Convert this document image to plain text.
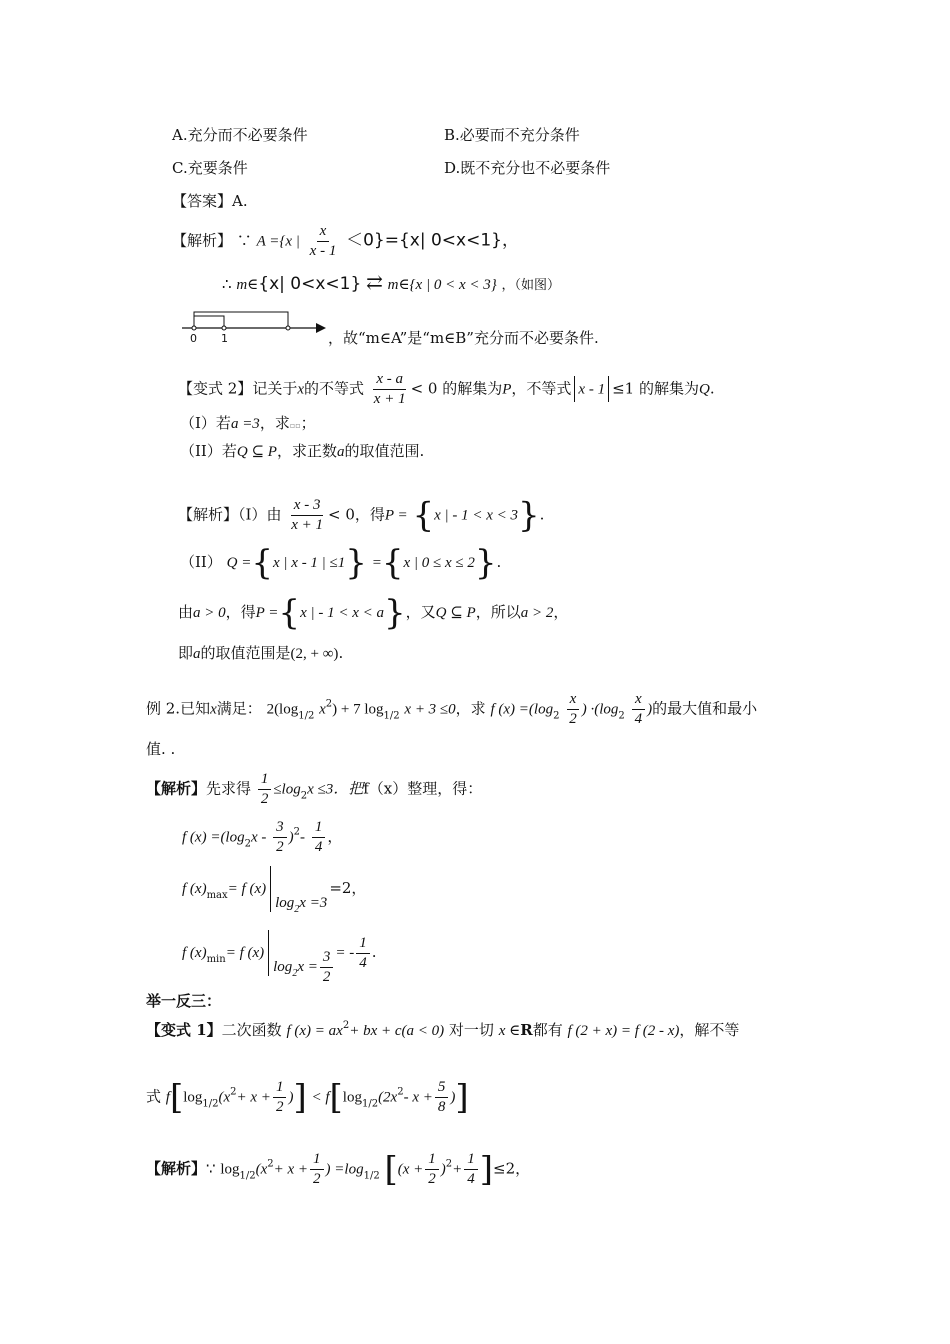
A.充分而不必要条件	B.必要而不充分条件
C.充要条件	D.既不充分也不必要条件
【答案】A.
【解析】 ∵ A ={x | $\frac{x}{x - 1} <0\}=\{x|$ 0<x<1}，
∴ m∈{x| 0<x<1} ⇄ m∈{x | 0 < x < 3} ，（如图）
0 1	，故“m∈A”是“m∈B”充分而不必要条件.
【变式 2】记关于x的不等式 $\frac{x - a}{x + 1} < 0$ 的解集为P，不等式 x - 1 ≤1 的解集为Q.
（I）若a =3，求▫▫；
（II）若Q ⊆ P，求正数a的取值范围.
【解析】（I）由 $\frac{x - 3}{x + 1} < 0$，得P = {x | - 1 < x < 3}.
（II） Q ={x | x - 1 | ≤1} ={x | 0 ≤ x ≤ 2}.
由a > 0，得P ={x | - 1 < x < a}，又Q ⊆ P，所以a > 2，
即a的取值范围是(2, + ∞).
例 2.已知x满足： $2(\log_{1/2}$ $x^2) + 7$ $\log_{1/2} x + 3 \le 0$，求 f $(x) =(\log_2 \frac{x}{2}$ ) $\cdot(\log_2 \frac{x}{4}$ )的最大值和最小
值. .
【解析】先求得 $\frac{1}{2} \le\log_2x \le 3$．把f（x）整理，得：
f $(x) =(\log_2x - \frac{3}{2} )^2- \frac{1}{4}$ ，
f $(x)_{max}= f$ $(x)\log_2x =3=2$，
f $(x)_{min}= f$ $(x)\log_2x = \frac{3}{2}$ = - $\frac{1}{4}$ .
举一反三：
【变式 1】二次函数 f $(x) = ax^2+$ bx + c(a < 0) 对一切 x ∈R都有 f (2 + x) = f (2 - x)，解不等
式 $f[\log_{1/2}(x^2+ x + \frac{1}{2}$ )] < $f[\log_{1/2}(2x^2-$ $x + \frac{5}{8}$ )]
【解析】∵ $\log_{1/2}(x^2+ x + \frac{1}{2}$ ) $=\log_{1/2}$ $[(x + \frac{1}{2} )^2+ \frac{1}{4} ]\le 2$，
